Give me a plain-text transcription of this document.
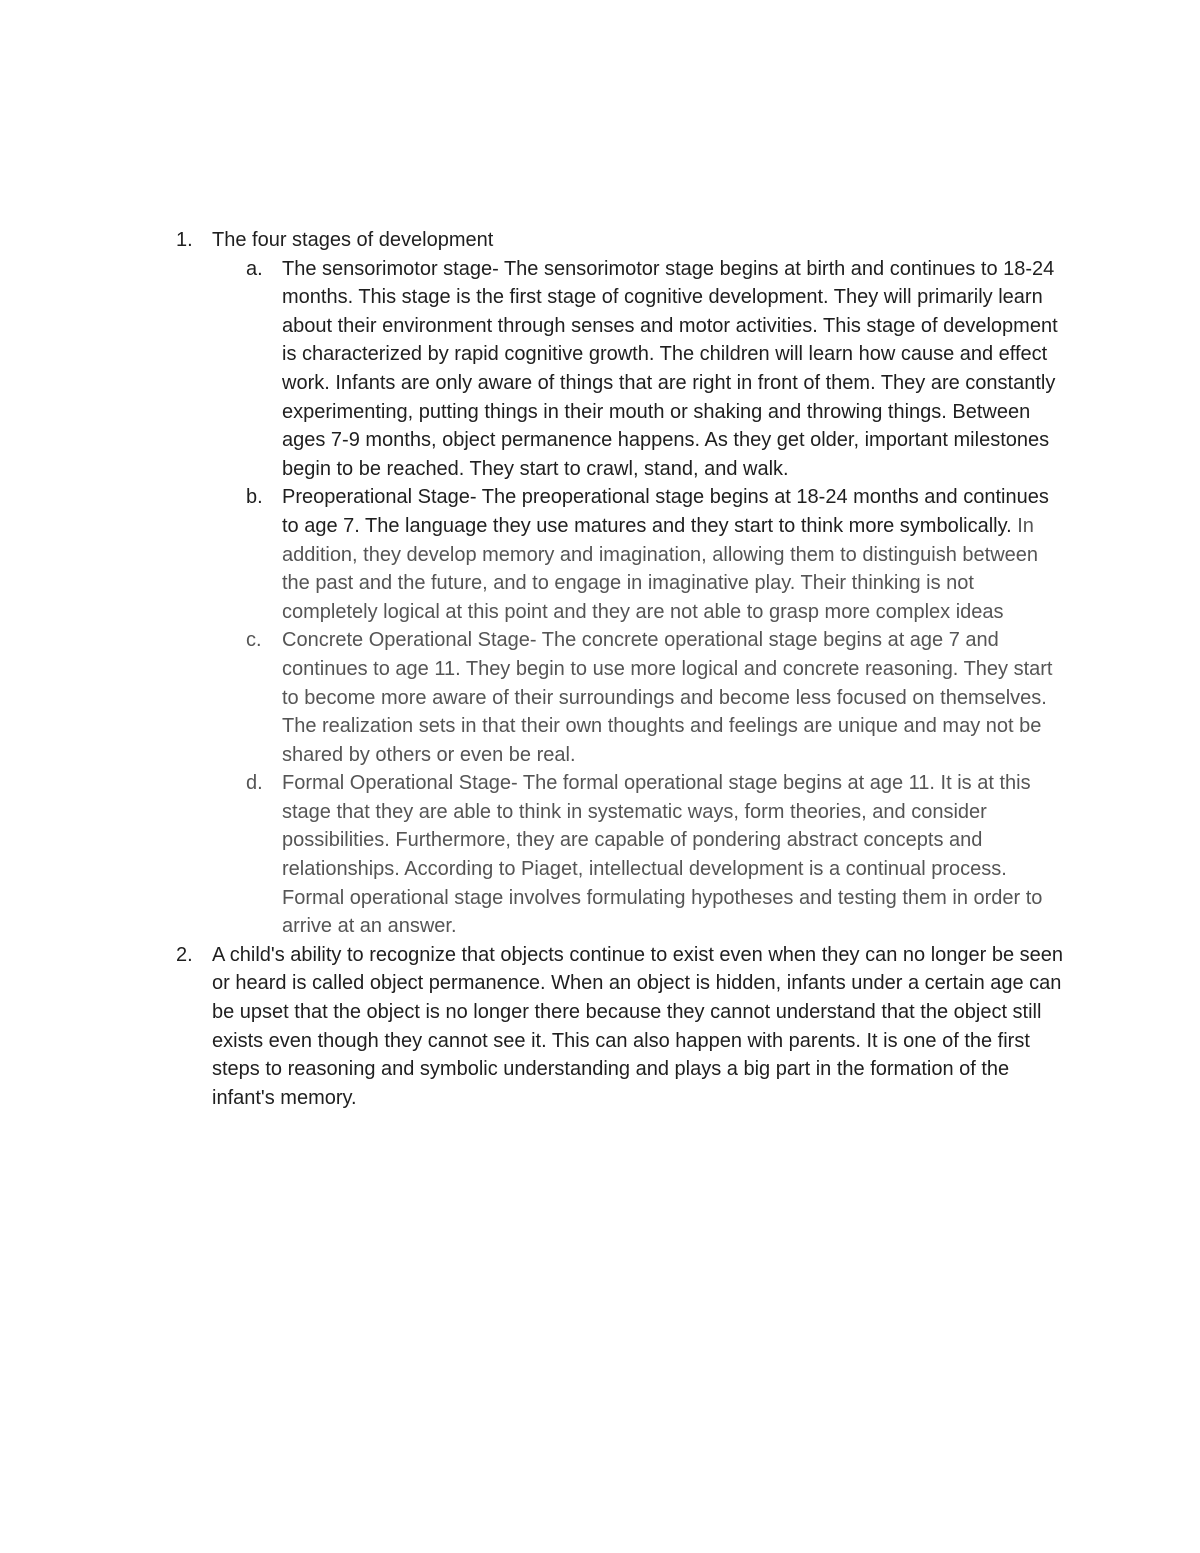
1. The four stages of development
a. The sensorimotor stage- The sensorimotor stage begins at birth and continues to 18-24 months. This stage is the first stage of cognitive development. They will primarily learn about their environment through senses and motor activities. This stage of development is characterized by rapid cognitive growth. The children will learn how cause and effect work. Infants are only aware of things that are right in front of them. They are constantly experimenting, putting things in their mouth or shaking and throwing things. Between ages 7-9 months, object permanence happens. As they get older, important milestones begin to be reached. They start to crawl, stand, and walk.
b. Preoperational Stage- The preoperational stage begins at 18-24 months and continues to age 7. The language they use matures and they start to think more symbolically. In addition, they develop memory and imagination, allowing them to distinguish between the past and the future, and to engage in imaginative play. Their thinking is not completely logical at this point and they are not able to grasp more complex ideas
c.	Concrete Operational Stage- The concrete operational stage begins at age 7 and continues to age 11. They begin to use more logical and concrete reasoning. They start to become more aware of their surroundings and become less focused on themselves. The realization sets in that their own thoughts and feelings are unique and may not be shared by others or even be real.
d. Formal Operational Stage- The formal operational stage begins at age 11. It is at this stage that they are able to think in systematic ways, form theories, and consider possibilities. Furthermore, they are capable of pondering abstract concepts and relationships. According to Piaget, intellectual development is a continual process. Formal operational stage involves formulating hypotheses and testing them in order to arrive at an answer.
2. A child's ability to recognize that objects continue to exist even when they can no longer be seen or heard is called object permanence. When an object is hidden, infants under a certain age can be upset that the object is no longer there because they cannot understand that the object still exists even though they cannot see it. This can also happen with parents. It is one of the first steps to reasoning and symbolic understanding and plays a big part in the formation of the infant's memory.
